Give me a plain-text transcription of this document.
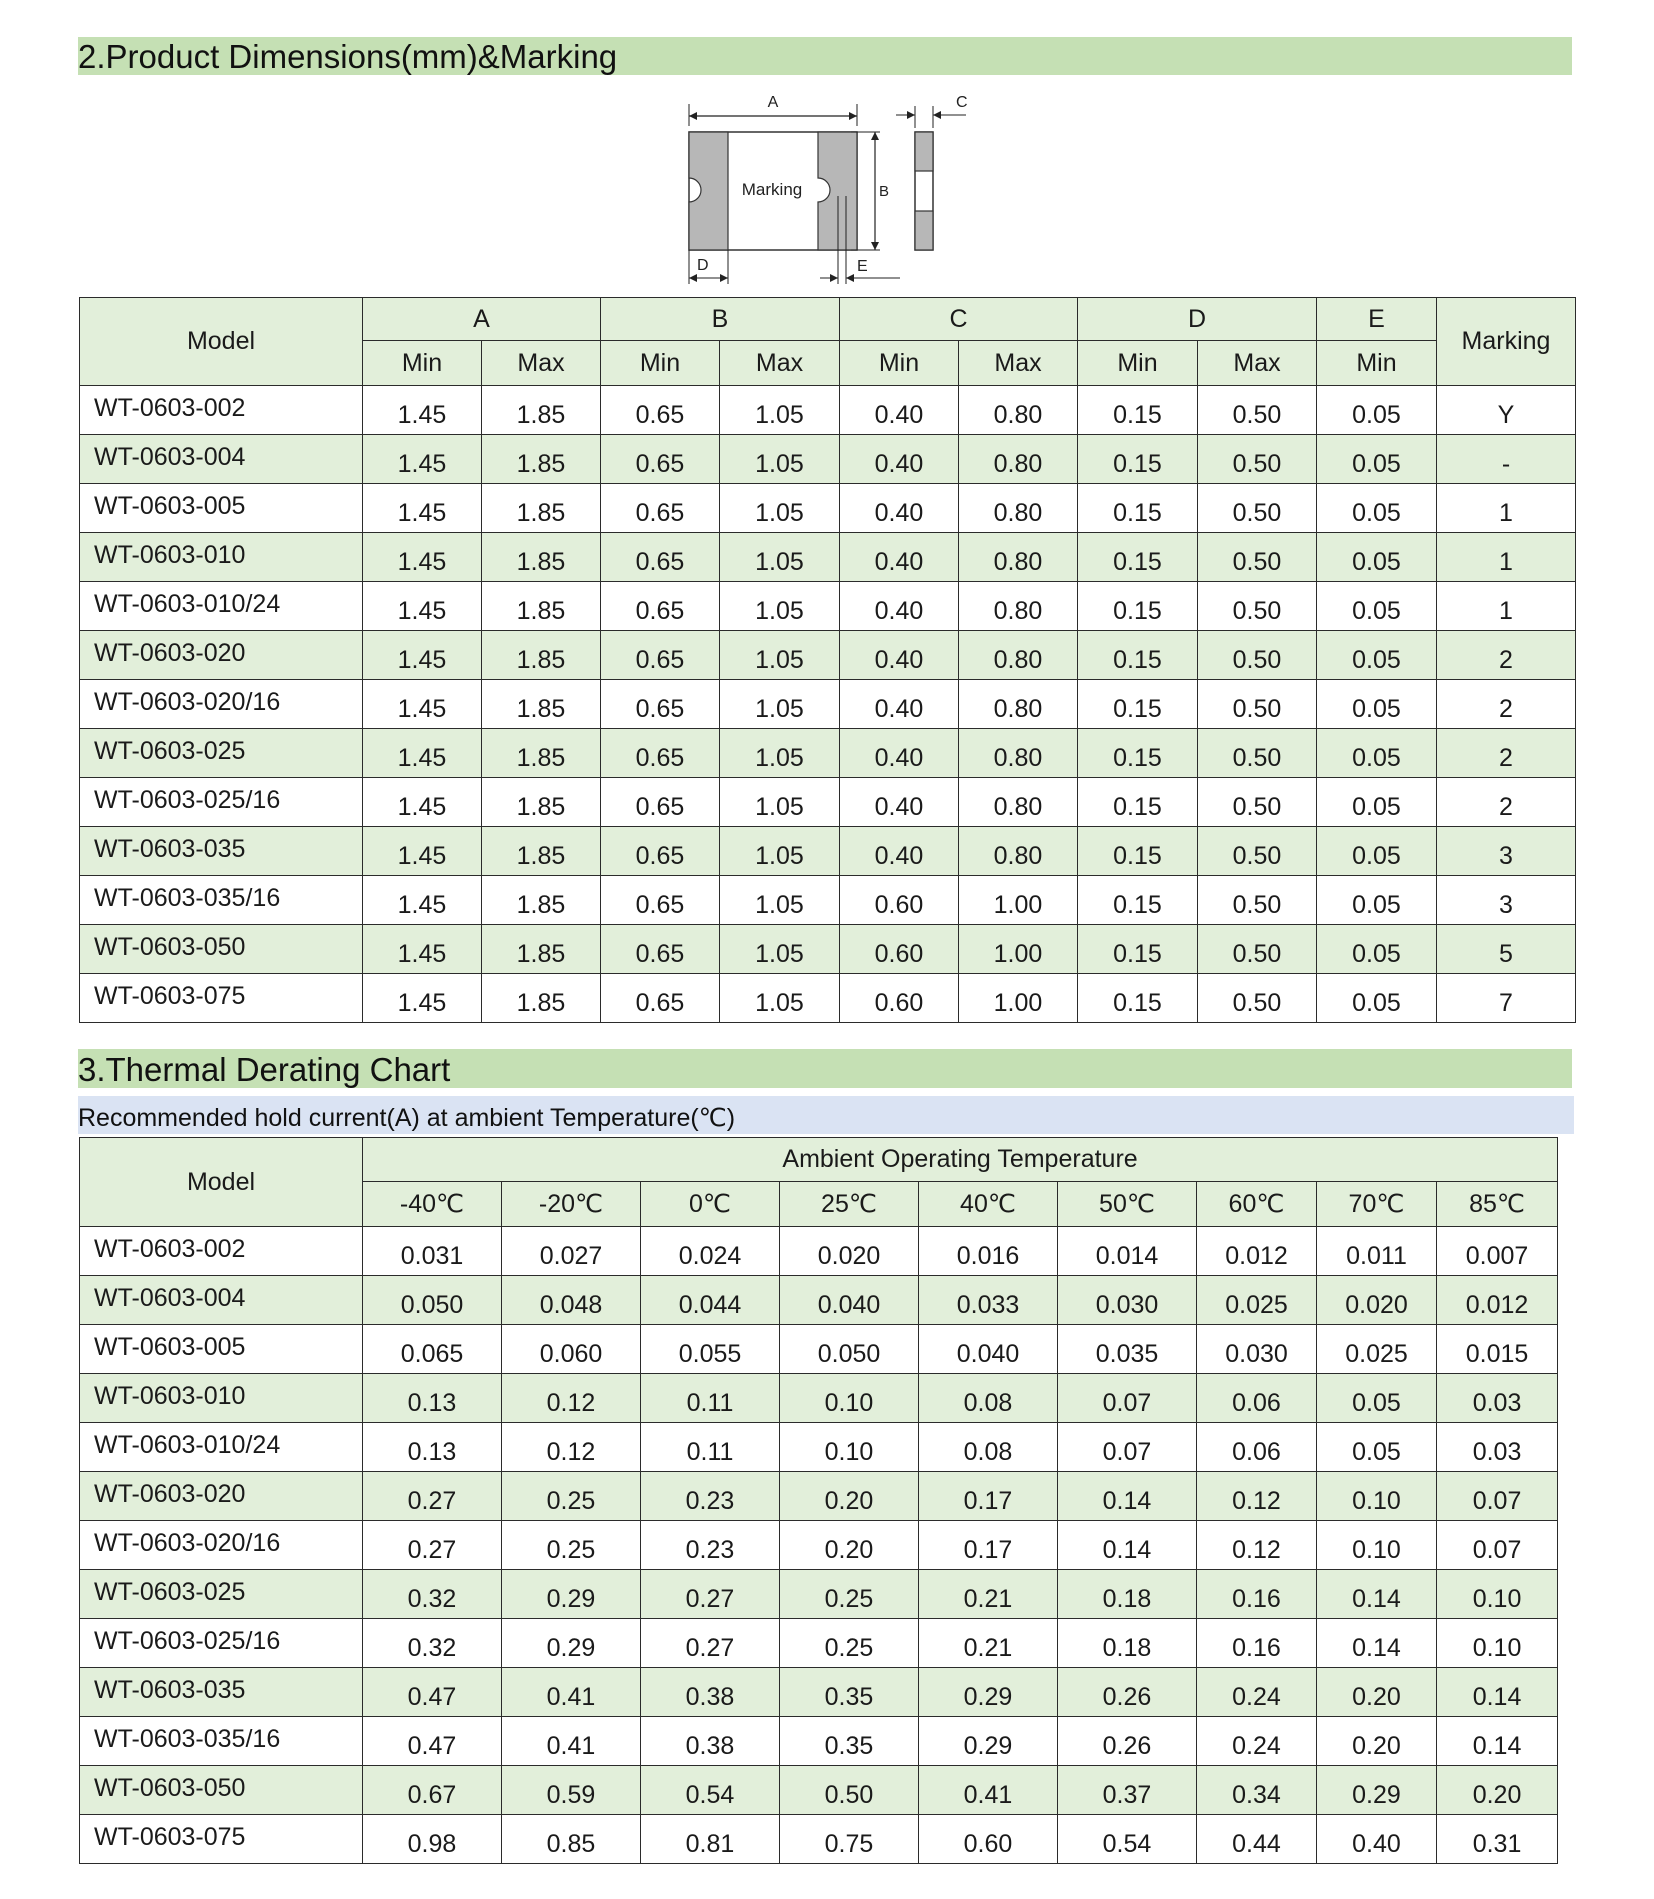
2.Product Dimensions(mm)&Marking
A
Marking	B
C
D	E
Model	A		B		C		D		E	Marking
	Min	Max	Min	Max	Min	Max	Min	Max	Min	
WT-0603-002	1.45	1.85	0.65	1.05	0.40	0.80	0.15	0.50	0.05	Y
WT-0603-004	1.45	1.85	0.65	1.05	0.40	0.80	0.15	0.50	0.05	-
WT-0603-005	1.45	1.85	0.65	1.05	0.40	0.80	0.15	0.50	0.05	1
WT-0603-010	1.45	1.85	0.65	1.05	0.40	0.80	0.15	0.50	0.05	1
WT-0603-010/24	1.45	1.85	0.65	1.05	0.40	0.80	0.15	0.50	0.05	1
WT-0603-020	1.45	1.85	0.65	1.05	0.40	0.80	0.15	0.50	0.05	2
WT-0603-020/16	1.45	1.85	0.65	1.05	0.40	0.80	0.15	0.50	0.05	2
WT-0603-025	1.45	1.85	0.65	1.05	0.40	0.80	0.15	0.50	0.05	2
WT-0603-025/16	1.45	1.85	0.65	1.05	0.40	0.80	0.15	0.50	0.05	2
WT-0603-035	1.45	1.85	0.65	1.05	0.40	0.80	0.15	0.50	0.05	3
WT-0603-035/16	1.45	1.85	0.65	1.05	0.60	1.00	0.15	0.50	0.05	3
WT-0603-050	1.45	1.85	0.65	1.05	0.60	1.00	0.15	0.50	0.05	5
WT-0603-075	1.45	1.85	0.65	1.05	0.60	1.00	0.15	0.50	0.05	7
3.Thermal Derating Chart
Recommended hold current(A) at ambient Temperature(℃)
Model	Ambient Operating Temperature								
	-40℃	-20℃	0℃	25℃	40℃	50℃	60℃	70℃	85℃
WT-0603-002	0.031	0.027	0.024	0.020	0.016	0.014	0.012	0.011	0.007
WT-0603-004	0.050	0.048	0.044	0.040	0.033	0.030	0.025	0.020	0.012
WT-0603-005	0.065	0.060	0.055	0.050	0.040	0.035	0.030	0.025	0.015
WT-0603-010	0.13	0.12	0.11	0.10	0.08	0.07	0.06	0.05	0.03
WT-0603-010/24	0.13	0.12	0.11	0.10	0.08	0.07	0.06	0.05	0.03
WT-0603-020	0.27	0.25	0.23	0.20	0.17	0.14	0.12	0.10	0.07
WT-0603-020/16	0.27	0.25	0.23	0.20	0.17	0.14	0.12	0.10	0.07
WT-0603-025	0.32	0.29	0.27	0.25	0.21	0.18	0.16	0.14	0.10
WT-0603-025/16	0.32	0.29	0.27	0.25	0.21	0.18	0.16	0.14	0.10
WT-0603-035	0.47	0.41	0.38	0.35	0.29	0.26	0.24	0.20	0.14
WT-0603-035/16	0.47	0.41	0.38	0.35	0.29	0.26	0.24	0.20	0.14
WT-0603-050	0.67	0.59	0.54	0.50	0.41	0.37	0.34	0.29	0.20
WT-0603-075	0.98	0.85	0.81	0.75	0.60	0.54	0.44	0.40	0.31
